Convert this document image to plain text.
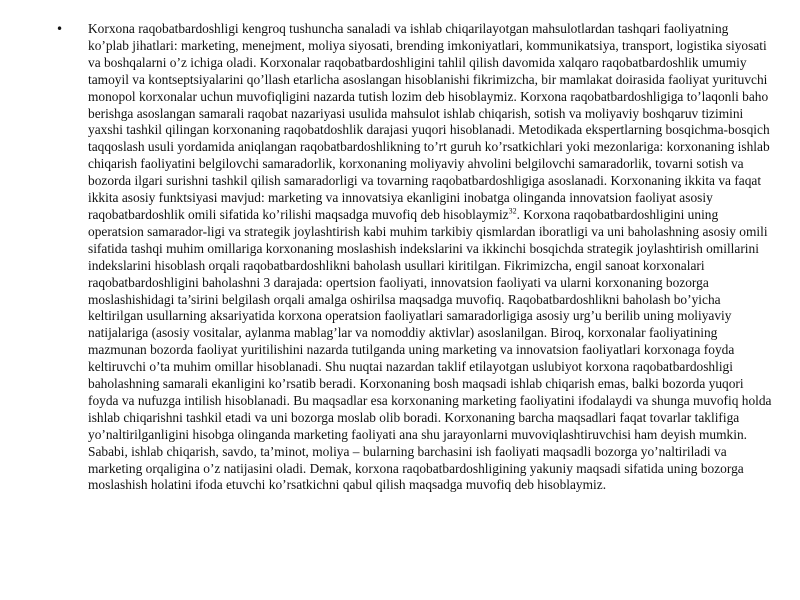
• Korxona raqobatbardoshligi kengroq tushuncha sanaladi va ishlab chiqarilayotgan mahsulotlardan tashqari faoliyatning ko’plab jihatlari: marketing, menejment, moliya siyosati, brending imkoniyatlari, kommunikatsiya, transport, logistika siyosati va boshqalarni o’z ichiga oladi. Korxonalar raqobatbardoshligini tahlil qilish davomida xalqaro raqobatbardoshlik umumiy tamoyil va kontseptsiyalarini qo’llash etarlicha asoslangan hisoblanishi fikrimizcha, bir mamlakat doirasida faoliyat yurituvchi monopol korxonalar uchun muvofiqligini nazarda tutish lozim deb hisoblaymiz. Korxona raqobatbardoshligiga to’laqonli baho berishga asoslangan samarali raqobat nazariyasi usulida mahsulot ishlab chiqarish, sotish va moliyaviy boshqaruv tizimini yaxshi tashkil qilingan korxonaning raqobatdoshlik darajasi yuqori hisoblanadi. Metodikada ekspertlarning bosqichma-bosqich taqqoslash usuli yordamida aniqlangan raqobatbardoshlikning to’rt guruh ko’rsatkichlari yoki mezonlariga: korxonaning ishlab chiqarish faoliyatini belgilovchi samaradorlik, korxonaning moliyaviy ahvolini belgilovchi samaradorlik, tovarni sotish va bozorda ilgari surishni tashkil qilish samaradorligi va tovarning raqobatbardoshligiga asoslanadi. Korxonaning ikkita va faqat ikkita asosiy funktsiyasi mavjud: marketing va innovatsiya ekanligini inobatga olinganda innovatsion faoliyat asosiy raqobatbardoshlik omili sifatida ko’rilishi maqsadga muvofiq deb hisoblaymiz$^{32}$. Korxona raqobatbardoshligini uning operatsion samarador-ligi va strategik joylashtirish kabi muhim tarkibiy qismlardan iboratligi va uni baholashning asosiy omili sifatida tashqi muhim omillariga korxonaning moslashish indekslarini va ikkinchi bosqichda strategik joylashtirish omillarini indekslarini hisoblash orqali raqobatbardoshlikni baholash usullari kiritilgan. Fikrimizcha, engil sanoat korxonalari raqobatbardoshligini baholashni 3 darajada: opertsion faoliyati, innovatsion faoliyati va ularni korxonaning bozorga moslashishidagi ta’sirini belgilash orqali amalga oshirilsa maqsadga muvofiq. Raqobatbardoshlikni baholash bo’yicha keltirilgan usullarning aksariyatida korxona operatsion faoliyatlari samaradorligiga asosiy urg’u berilib uning moliyaviy natijalariga (asosiy vositalar, aylanma mablag’lar va nomoddiy aktivlar) asoslanilgan. Biroq, korxonalar faoliyatining mazmunan bozorda faoliyat yuritilishini nazarda tutilganda uning marketing va innovatsion faoliyatlari korxonaga foyda keltiruvchi o’ta muhim omillar hisoblanadi. Shu nuqtai nazardan taklif etilayotgan uslubiyot korxona raqobatbardoshligi baholashning samarali ekanligini ko’rsatib beradi. Korxonaning bosh maqsadi ishlab chiqarish emas, balki bozorda yuqori foyda va nufuzga intilish hisoblanadi. Bu maqsadlar esa korxonaning marketing faoliyatini ifodalaydi va shunga muvofiq holda ishlab chiqarishni tashkil etadi va uni bozorga moslab olib boradi. Korxonaning barcha maqsadlari faqat tovarlar taklifiga yo’naltirilganligini hisobga olinganda marketing faoliyati ana shu jarayonlarni muvoviqlashtiruvchisi ham deyish mumkin. Sababi, ishlab chiqarish, savdo, ta’minot, moliya – bularning barchasini ish faoliyati maqsadli bozorga yo’naltiriladi va marketing orqaligina o’z natijasini oladi. Demak, korxona raqobatbardoshligining yakuniy maqsadi sifatida uning bozorga moslashish holatini ifoda etuvchi ko’rsatkichni qabul qilish maqsadga muvofiq deb hisoblaymiz.
